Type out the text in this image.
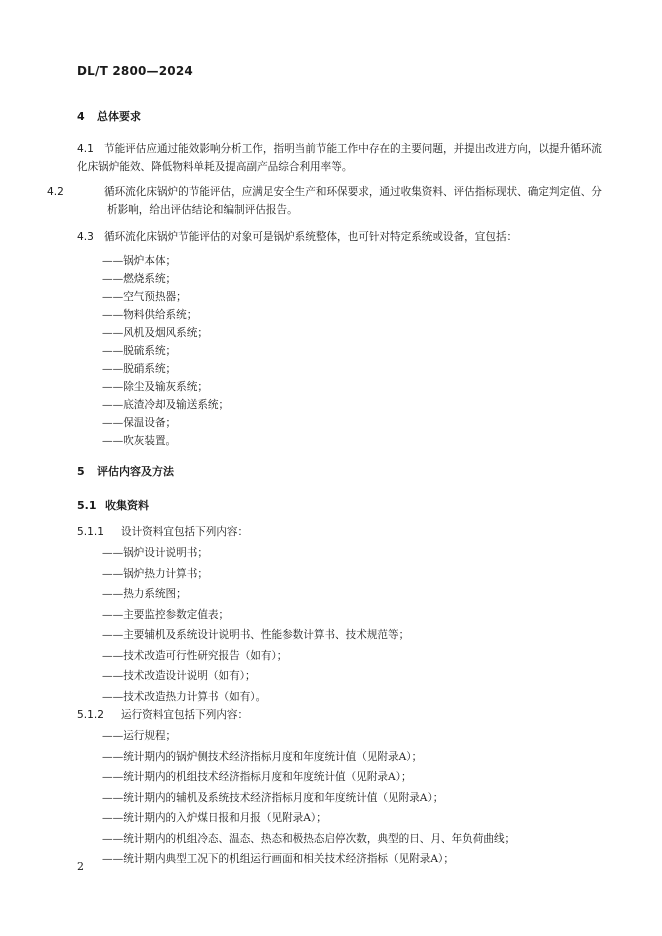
DL/T 2800—2024
4 总体要求
4.1 节能评估应通过能效影响分析工作，指明当前节能工作中存在的主要问题，并提出改进方向，以提升循环流化床锅炉能效、降低物料单耗及提高副产品综合利用率等。
4.2	循环流化床锅炉的节能评估，应满足安全生产和环保要求，通过收集资料、评估指标现状、确定判定值、分析影响，给出评估结论和编制评估报告。
4.3 循环流化床锅炉节能评估的对象可是锅炉系统整体，也可针对特定系统或设备，宜包括：
——锅炉本体；
——燃烧系统；
——空气预热器；
——物料供给系统；
——风机及烟风系统；
——脱硫系统；
——脱硝系统；
——除尘及输灰系统；
——底渣冷却及输送系统；
——保温设备；
——吹灰装置。
5 评估内容及方法
5.1 收集资料
5.1.1 设计资料宜包括下列内容：
——锅炉设计说明书；
——锅炉热力计算书；
——热力系统图；
——主要监控参数定值表；
——主要辅机及系统设计说明书、性能参数计算书、技术规范等；
——技术改造可行性研究报告（如有）；
——技术改造设计说明（如有）；
——技术改造热力计算书（如有）。
5.1.2 运行资料宜包括下列内容：
——运行规程；
——统计期内的锅炉侧技术经济指标月度和年度统计值（见附录A）；
——统计期内的机组技术经济指标月度和年度统计值（见附录A）；
——统计期内的辅机及系统技术经济指标月度和年度统计值（见附录A）；
——统计期内的入炉煤日报和月报（见附录A）；
——统计期内的机组冷态、温态、热态和极热态启停次数，典型的日、月、年负荷曲线；
——统计期内典型工况下的机组运行画面和相关技术经济指标（见附录A）；
2
